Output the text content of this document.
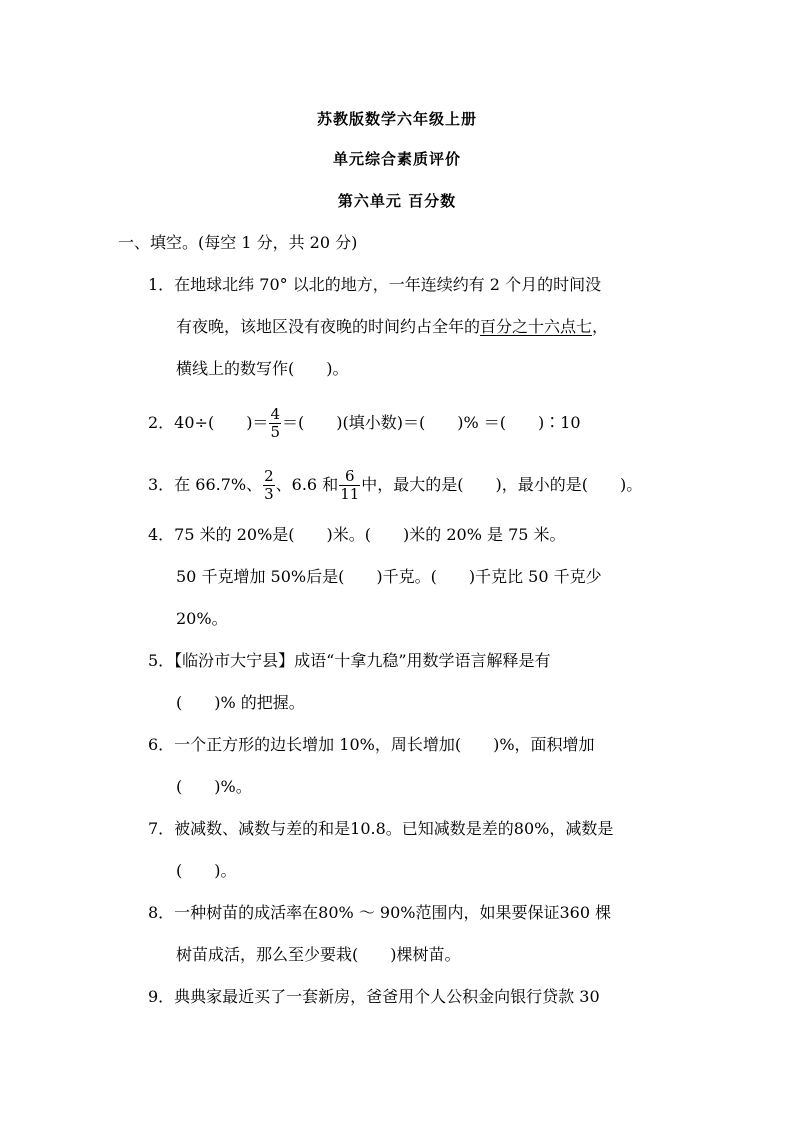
苏教版数学六年级上册
单元综合素质评价
第六单元 百分数
一、填空。(每空 1 分，共 20 分)
1．在地球北纬 70° 以北的地方，一年连续约有 2 个月的时间没
有夜晚，该地区没有夜晚的时间约占全年的百分之十六点七，
横线上的数写作(　　)。
2．40÷(　　)＝ $\frac{4}{5}$ ＝(　　)(填小数)＝(　　)% ＝(　　)∶10
3．在 66.7%、 $\frac{2}{3}$ 、6.6 和 $\frac{6}{11}$ 中，最大的是(　　)，最小的是(　　)。
4．75 米的 20%是(　　)米。(　　)米的 20% 是 75 米。
50 千克增加 50%后是(　　)千克。(　　)千克比 50 千克少
20%。
5．【临汾市大宁县】成语“十拿九稳”用数学语言解释是有
(　　)% 的把握。
6．一个正方形的边长增加 10%，周长增加(　　)%，面积增加
(　　)%。
7．被减数、减数与差的和是10.8。已知减数是差的80%，减数是
(　　)。
8．一种树苗的成活率在80% ～ 90%范围内，如果要保证360 棵
树苗成活，那么至少要栽(　　)棵树苗。
9．典典家最近买了一套新房，爸爸用个人公积金向银行贷款 30
